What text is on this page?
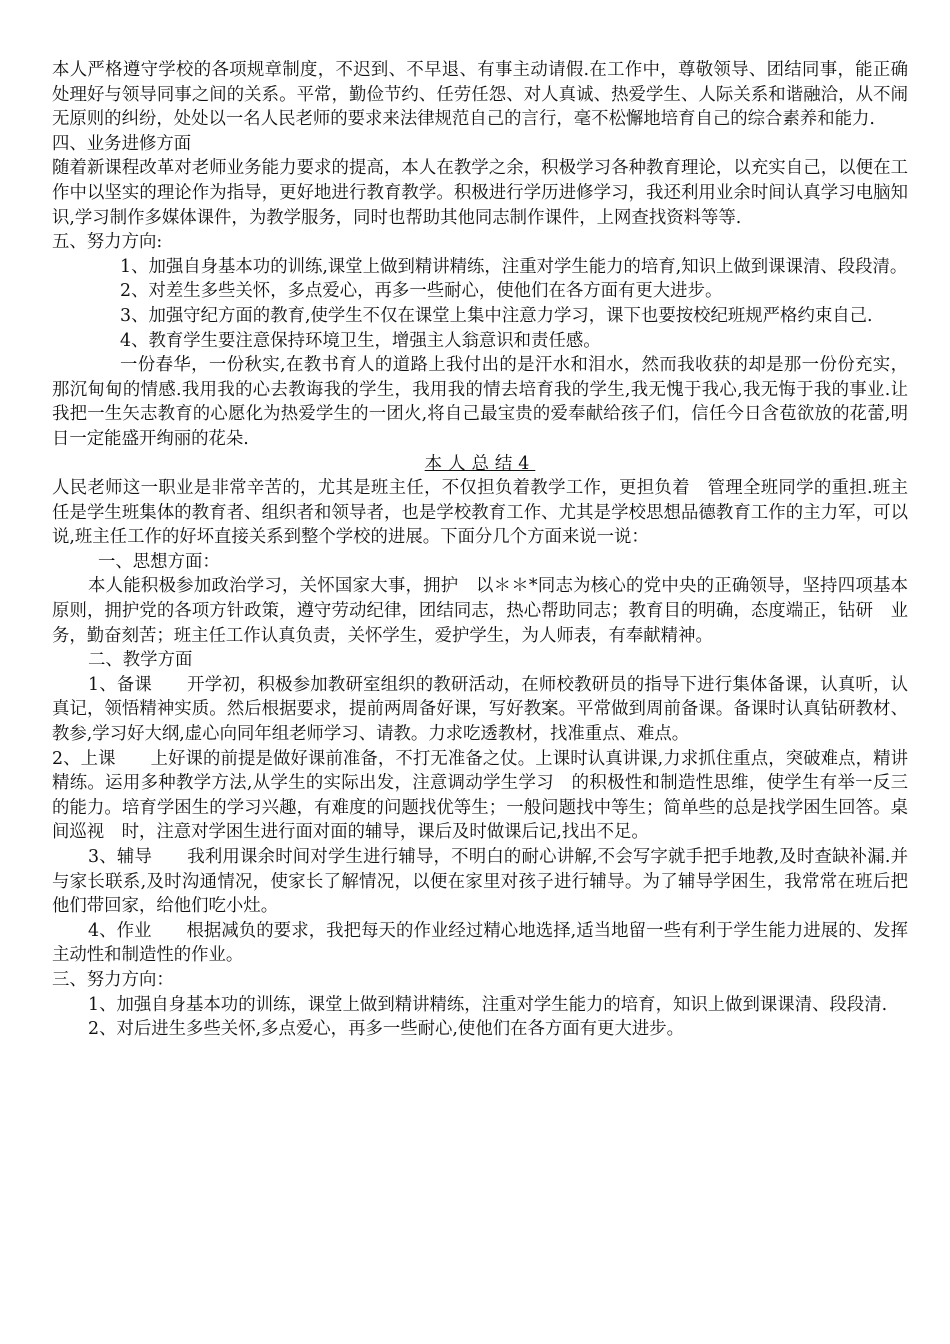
本人严格遵守学校的各项规章制度，不迟到、不早退、有事主动请假.在工作中，尊敬领导、团结同事，能正确处理好与领导同事之间的关系。平常，勤俭节约、任劳任怨、对人真诚、热爱学生、人际关系和谐融洽，从不闹无原则的纠纷，处处以一名人民老师的要求来法律规范自己的言行，毫不松懈地培育自己的综合素养和能力.

四、业务进修方面

随着新课程改革对老师业务能力要求的提高，本人在教学之余，积极学习各种教育理论，以充实自己，以便在工作中以坚实的理论作为指导，更好地进行教育教学。积极进行学历进修学习，我还利用业余时间认真学习电脑知识,学习制作多媒体课件，为教学服务，同时也帮助其他同志制作课件，上网查找资料等等.

五、努力方向:

1、加强自身基本功的训练,课堂上做到精讲精练，注重对学生能力的培育,知识上做到课课清、段段清。

2、对差生多些关怀，多点爱心，再多一些耐心，使他们在各方面有更大进步。

3、加强守纪方面的教育,使学生不仅在课堂上集中注意力学习，课下也要按校纪班规严格约束自己.

4、教育学生要注意保持环境卫生，增强主人翁意识和责任感。

一份春华，一份秋实,在教书育人的道路上我付出的是汗水和泪水，然而我收获的却是那一份份充实，那沉甸甸的情感.我用我的心去教诲我的学生，我用我的情去培育我的学生,我无愧于我心,我无悔于我的事业.让我把一生矢志教育的心愿化为热爱学生的一团火,将自己最宝贵的爱奉献给孩子们，信任今日含苞欲放的花蕾,明日一定能盛开绚丽的花朵.

本人总结4

人民老师这一职业是非常辛苦的，尤其是班主任，不仅担负着教学工作，更担负着　管理全班同学的重担.班主任是学生班集体的教育者、组织者和领导者，也是学校教育工作、尤其是学校思想品德教育工作的主力军，可以说,班主任工作的好坏直接关系到整个学校的进展。下面分几个方面来说一说：

一、思想方面：

本人能积极参加政治学习，关怀国家大事，拥护　以＊＊*同志为核心的党中央的正确领导，坚持四项基本原则，拥护党的各项方针政策，遵守劳动纪律，团结同志，热心帮助同志；教育目的明确，态度端正，钻研　业务，勤奋刻苦；班主任工作认真负责，关怀学生，爱护学生，为人师表，有奉献精神。

二、教学方面

1、备课　　开学初，积极参加教研室组织的教研活动，在师校教研员的指导下进行集体备课，认真听，认真记，领悟精神实质。然后根据要求，提前两周备好课，写好教案。平常做到周前备课。备课时认真钻研教材、教参,学习好大纲,虚心向同年组老师学习、请教。力求吃透教材，找准重点、难点。

2、上课　　上好课的前提是做好课前准备，不打无准备之仗。上课时认真讲课,力求抓住重点，突破难点，精讲精练。运用多种教学方法,从学生的实际出发，注意调动学生学习　的积极性和制造性思维，使学生有举一反三的能力。培育学困生的学习兴趣，有难度的问题找优等生；一般问题找中等生；简单些的总是找学困生回答。桌间巡视　时，注意对学困生进行面对面的辅导，课后及时做课后记,找出不足。

3、辅导　　我利用课余时间对学生进行辅导，不明白的耐心讲解,不会写字就手把手地教,及时查缺补漏.并与家长联系,及时沟通情况，使家长了解情况，以便在家里对孩子进行辅导。为了辅导学困生，我常常在班后把他们带回家，给他们吃小灶。

4、作业　　根据减负的要求，我把每天的作业经过精心地选择,适当地留一些有利于学生能力进展的、发挥主动性和制造性的作业。

三、努力方向：

1、加强自身基本功的训练，课堂上做到精讲精练，注重对学生能力的培育，知识上做到课课清、段段清.

2、对后进生多些关怀,多点爱心，再多一些耐心,使他们在各方面有更大进步。
